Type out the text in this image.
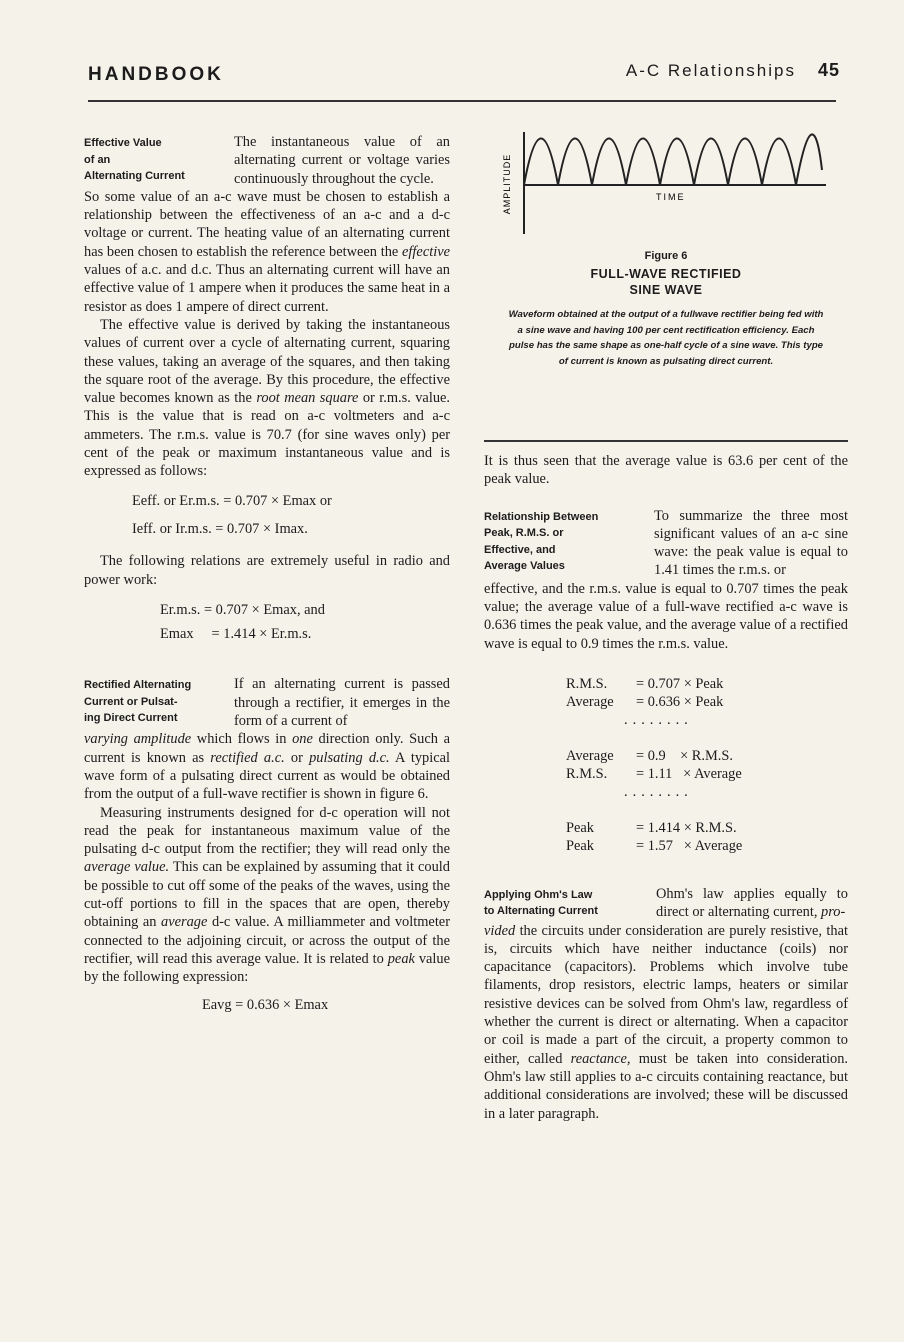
HANDBOOK	A-C Relationships 45
Effective Value
of an
Alternating Current
The instantaneous value of an alternating current or voltage varies continuously throughout the cycle.

So some value of an a-c wave must be chosen to establish a relationship between the effectiveness of an a-c and a d-c voltage or current. The heating value of an alternating current has been chosen to establish the reference between the effective values of a.c. and d.c. Thus an alternating current will have an effective value of 1 ampere when it produces the same heat in a resistor as does 1 ampere of direct current.

The effective value is derived by taking the instantaneous values of current over a cycle of alternating current, squaring these values, taking an average of the squares, and then taking the square root of the average. By this procedure, the effective value becomes known as the root mean square or r.m.s. value. This is the value that is read on a-c voltmeters and a-c ammeters. The r.m.s. value is 70.7 (for sine waves only) per cent of the peak or maximum instantaneous value and is expressed as follows:

Eeff. or Er.m.s. = 0.707 × Emax or
Ieff. or Ir.m.s. = 0.707 × Imax.

The following relations are extremely useful in radio and power work:

Er.m.s. = 0.707 × Emax, and
Emax     = 1.414 × Er.m.s.
Rectified Alternating
Current or Pulsat-
ing Direct Current
If an alternating current is passed through a rectifier, it emerges in the form of a current of

varying amplitude which flows in one direction only. Such a current is known as rectified a.c. or pulsating d.c. A typical wave form of a pulsating direct current as would be obtained from the output of a full-wave rectifier is shown in figure 6.

Measuring instruments designed for d-c operation will not read the peak for instantaneous maximum value of the pulsating d-c output from the rectifier; they will read only the average value. This can be explained by assuming that it could be possible to cut off some of the peaks of the waves, using the cut-off portions to fill in the spaces that are open, thereby obtaining an average d-c value. A milliammeter and voltmeter connected to the adjoining circuit, or across the output of the rectifier, will read this average value. It is related to peak value by the following expression:

Eavg = 0.636 × Emax
AMPLITUDE	TIME
Figure 6
FULL-WAVE RECTIFIED
SINE WAVE
Waveform obtained at the output of a fullwave rectifier being fed with a sine wave and having 100 per cent rectification efficiency. Each pulse has the same shape as one-half cycle of a sine wave. This type of current is known as pulsating direct current.

It is thus seen that the average value is 63.6 per cent of the peak value.

Relationship Between
Peak, R.M.S. or
Effective, and
Average Values
To summarize the three most significant values of an a-c sine wave: the peak value is equal to 1.41 times the r.m.s. or

effective, and the r.m.s. value is equal to 0.707 times the peak value; the average value of a full-wave rectified a-c wave is 0.636 times the peak value, and the average value of a rectified wave is equal to 0.9 times the r.m.s. value.

R.M.S.	= 0.707 × Peak
Average	= 0.636 × Peak
........
Average	= 0.9    × R.M.S.
R.M.S.	= 1.11   × Average
........
Peak	= 1.414 × R.M.S.
Peak	= 1.57   × Average
Applying Ohm's Law
to Alternating Current
Ohm's law applies equally to direct or alternating current, pro-

vided the circuits under consideration are purely resistive, that is, circuits which have neither inductance (coils) nor capacitance (capacitors). Problems which involve tube filaments, drop resistors, electric lamps, heaters or similar resistive devices can be solved from Ohm's law, regardless of whether the current is direct or alternating. When a capacitor or coil is made a part of the circuit, a property common to either, called reactance, must be taken into consideration. Ohm's law still applies to a-c circuits containing reactance, but additional considerations are involved; these will be discussed in a later paragraph.
